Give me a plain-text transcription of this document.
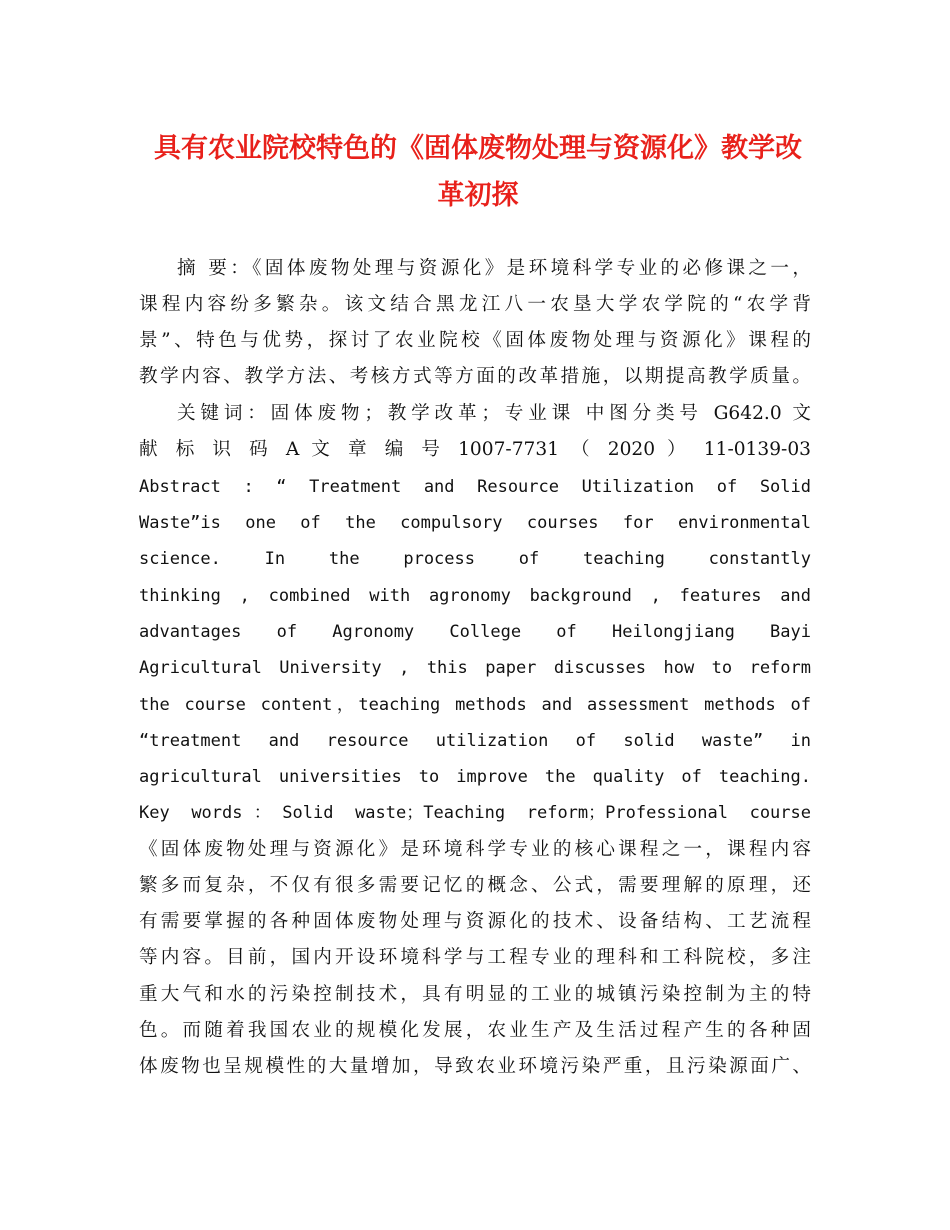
具有农业院校特色的《固体废物处理与资源化》教学改
革初探
摘 要：《固体废物处理与资源化》是环境科学专业的必修课之一，
课程内容纷多繁杂。该文结合黑龙江八一农垦大学农学院的“农学背
景”、特色与优势，探讨了农业院校《固体废物处理与资源化》课程的
教学内容、教学方法、考核方式等方面的改革措施，以期提高教学质量。
关键词：固体废物；教学改革；专业课 中图分类号 G642.0 文
献 标 识 码 A 文 章 编 号 1007-7731 （ 2020 ） 11-0139-03
Abstract : “ Treatment and Resource Utilization of Solid
Waste”is one of the compulsory courses for environmental
science. In the process of teaching constantly
thinking , combined with agronomy background , features and
advantages of Agronomy College of Heilongjiang Bayi
Agricultural University , this paper discusses how to reform
the course content，teaching methods and assessment methods of
“treatment and resource utilization of solid waste” in
agricultural universities to improve the quality of teaching.
Key words：Solid waste；Teaching reform；Professional course
《固体废物处理与资源化》是环境科学专业的核心课程之一，课程内容
繁多而复杂，不仅有很多需要记忆的概念、公式，需要理解的原理，还
有需要掌握的各种固体废物处理与资源化的技术、设备结构、工艺流程
等内容。目前，国内开设环境科学与工程专业的理科和工科院校，多注
重大气和水的污染控制技术，具有明显的工业的城镇污染控制为主的特
色。而随着我国农业的规模化发展，农业生产及生活过程产生的各种固
体废物也呈规模性的大量增加，导致农业环境污染严重，且污染源面广、
